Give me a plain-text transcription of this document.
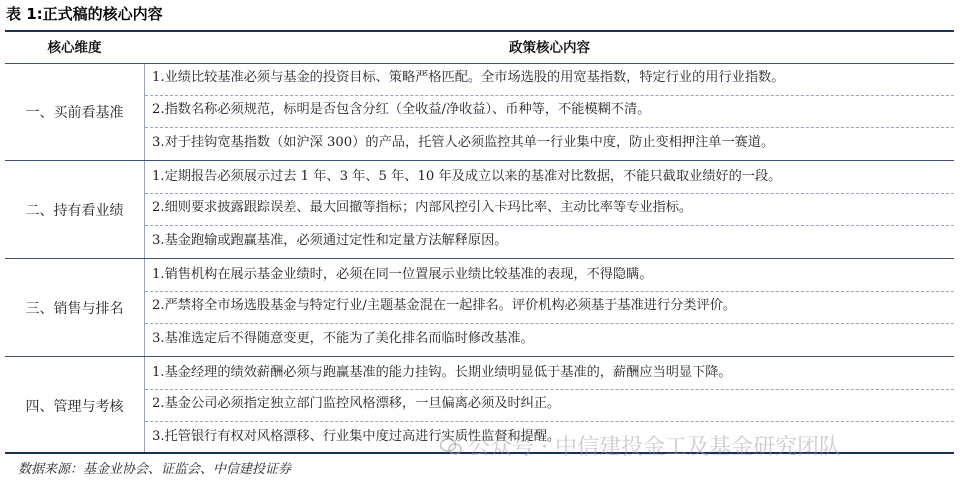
表 1:正式稿的核心内容
核心维度	政策核心内容
一、买前看基准
1.业绩比较基准必须与基金的投资目标、策略严格匹配。全市场选股的用宽基指数，特定行业的用行业指数。
2.指数名称必须规范，标明是否包含分红（全收益/净收益）、币种等，不能模糊不清。
3.对于挂钩宽基指数（如沪深 300）的产品，托管人必须监控其单一行业集中度，防止变相押注单一赛道。
二、持有看业绩
1.定期报告必须展示过去 1 年、3 年、5 年、10 年及成立以来的基准对比数据，不能只截取业绩好的一段。
2.细则要求披露跟踪误差、最大回撤等指标；内部风控引入卡玛比率、主动比率等专业指标。
3.基金跑输或跑赢基准，必须通过定性和定量方法解释原因。
三、销售与排名
1.销售机构在展示基金业绩时，必须在同一位置展示业绩比较基准的表现，不得隐瞒。
2.严禁将全市场选股基金与特定行业/主题基金混在一起排名。评价机构必须基于基准进行分类评价。
3.基准选定后不得随意变更，不能为了美化排名而临时修改基准。
四、管理与考核
1.基金经理的绩效薪酬必须与跑赢基准的能力挂钩。长期业绩明显低于基准的，薪酬应当明显下降。
2.基金公司必须指定独立部门监控风格漂移，一旦偏离必须及时纠正。
3.托管银行有权对风格漂移、行业集中度过高进行实质性监督和提醒。
数据来源：基金业协会、证监会、中信建投证券
公众号 · 中信建投金工及基金研究团队
